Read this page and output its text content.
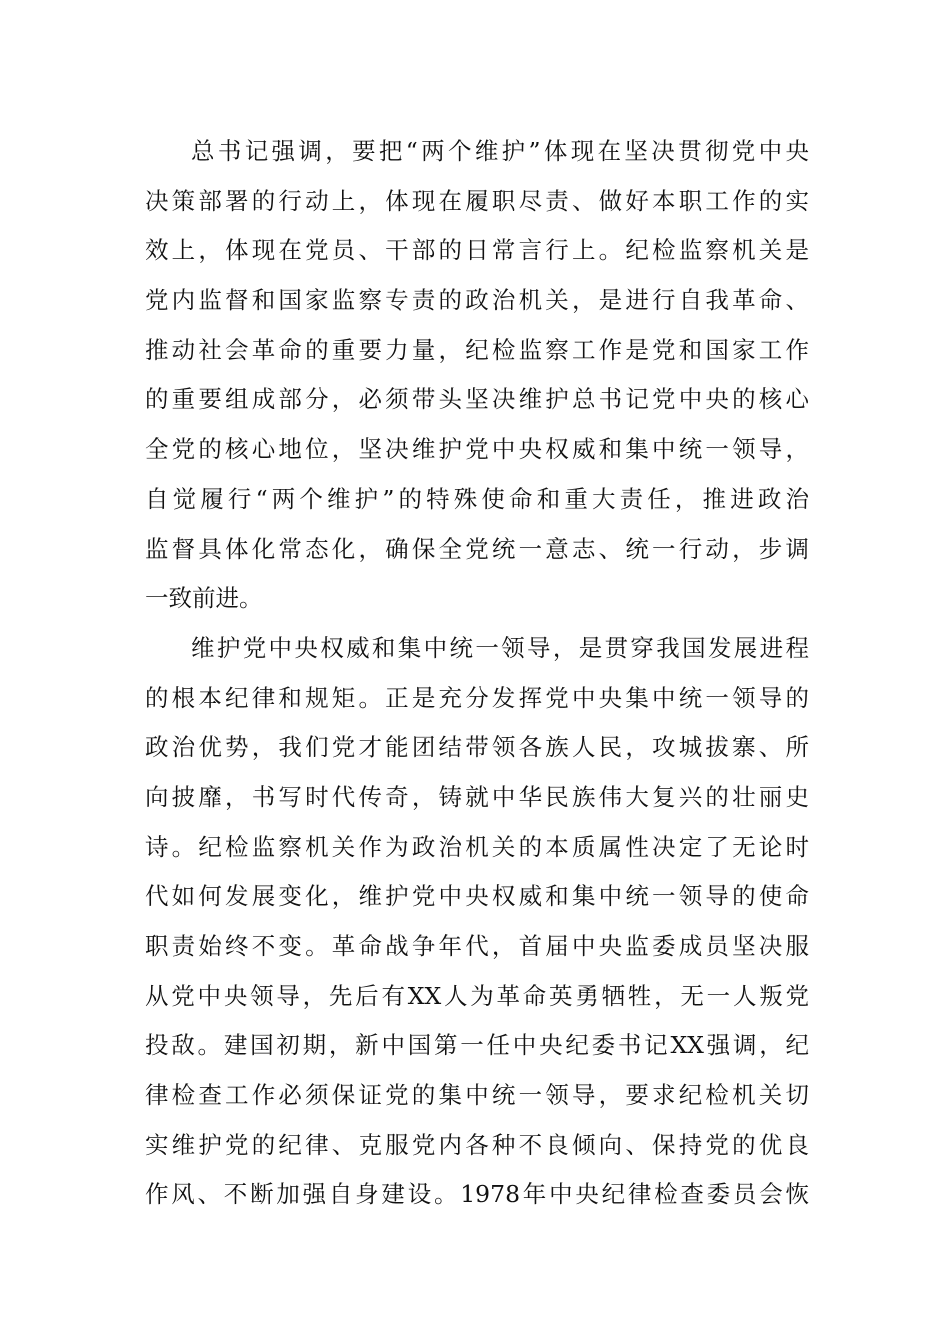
总书记强调，要把“两个维护”体现在坚决贯彻党中央
决策部署的行动上，体现在履职尽责、做好本职工作的实
效上，体现在党员、干部的日常言行上。纪检监察机关是
党内监督和国家监察专责的政治机关，是进行自我革命、
推动社会革命的重要力量，纪检监察工作是党和国家工作
的重要组成部分，必须带头坚决维护总书记党中央的核心
全党的核心地位，坚决维护党中央权威和集中统一领导，
自觉履行“两个维护”的特殊使命和重大责任，推进政治
监督具体化常态化，确保全党统一意志、统一行动，步调
一致前进。
维护党中央权威和集中统一领导，是贯穿我国发展进程
的根本纪律和规矩。正是充分发挥党中央集中统一领导的
政治优势，我们党才能团结带领各族人民，攻城拔寨、所
向披靡，书写时代传奇，铸就中华民族伟大复兴的壮丽史
诗。纪检监察机关作为政治机关的本质属性决定了无论时
代如何发展变化，维护党中央权威和集中统一领导的使命
职责始终不变。革命战争年代，首届中央监委成员坚决服
从党中央领导，先后有XX人为革命英勇牺牲，无一人叛党
投敌。建国初期，新中国第一任中央纪委书记XX强调，纪
律检查工作必须保证党的集中统一领导，要求纪检机关切
实维护党的纪律、克服党内各种不良倾向、保持党的优良
作风、不断加强自身建设。1978年中央纪律检查委员会恢
